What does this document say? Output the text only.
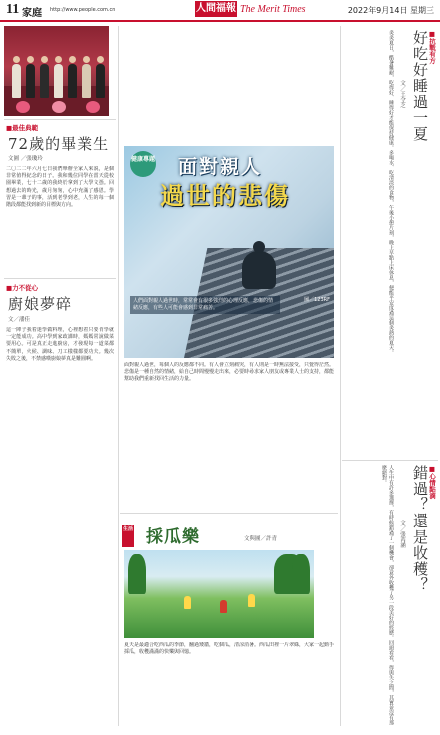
11 家庭 http://www.people.com.cn	人間福報 The Merit Times	2022年9月14日 星期三
■最佳典範
72歲的畢業生
文圖 ／張瓊玲
二〇二二年六月七日我們舉辦全家人來説，是個非常值得紀念的日子。我和幾位同學在當天從校園畢業，七十二歲的我終於拿到了大學文憑。回想過去的時光，歲月匆匆，心中充滿了感恩。學習是一輩子的事，活到老學到老，人生的每一個階段都能找到新的目標與方向。
■力不從心
廚娘夢碎
文／潘佳
這一陣子我着迷學做料理，心裡想着只要肯學就一定能成功。高中學到家政課時，媽媽常說做菜要用心。可是真正走進廚房，才發現每一道菜都不簡單，火候、調味、刀工樣樣都要功夫。幾次失敗之後，不禁感嘆廚娘夢真是難圓啊。
健康專題 面對親人
過世的悲傷
人們面對親人過世時，常常會有很多強烈的心理反應，悲傷的情緒反應，有些人可能會感到非常痛苦。
圖／123RF
面對親人過世，每個人的反應都不同。有人會立刻痛哭，有人則是一時無法接受，只覺得茫然。悲傷是一種自然的情緒，給自己時間慢慢走出來，必要時尋求家人朋友或專業人士的支持，都能幫助我們重新找回生活的力量。
■抗戰有方
好吃好睡過一夏
文／王令芝
炎炎夏日，酷暑難耐，吃得好、睡得好才能保持健康。多喝水、吃清淡的食物，午後小憩片刻，晚上早點上床休息，便能平安度過這個炎熱的夏天。
■心情點滴
錯過？還是收穫？
文／張芮涵
人生中有許多選擇，有時候錯過了一個機會，卻意外收穫了另一段美好的經歷。回頭看看，得與失之間，其實並沒有那麼絕對。
生活 採瓜樂	文與圖／許青
夏天是最適合吃西瓜的季節，翻過矮牆，吃個瓜，清涼消暑。西瓜田裡一片翠綠，大家一起動手採瓜，收穫滿滿的快樂與回憶。
